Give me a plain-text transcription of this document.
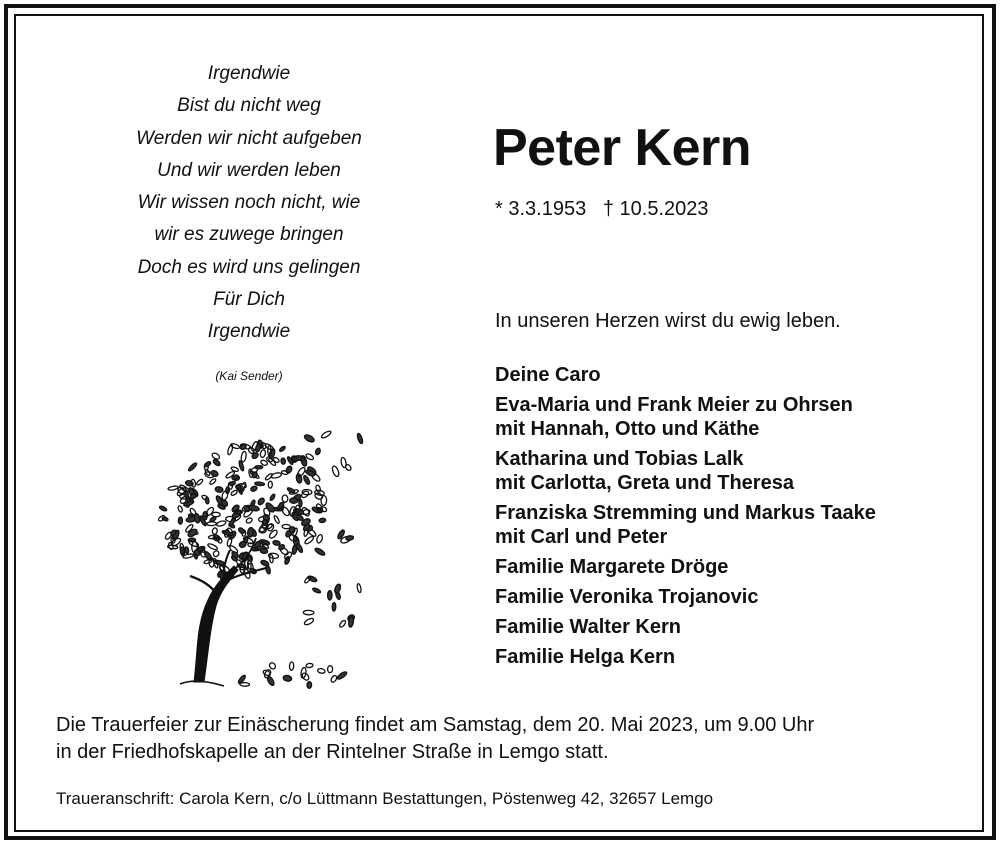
Irgendwie
Bist du nicht weg
Werden wir nicht aufgeben
Und wir werden leben
Wir wissen noch nicht, wie
wir es zuwege bringen
Doch es wird uns gelingen
Für Dich
Irgendwie
(Kai Sender)
Peter Kern
* 3.3.1953   † 10.5.2023
In unseren Herzen wirst du ewig leben.
Deine Caro
Eva-Maria und Frank Meier zu Ohrsen
mit Hannah, Otto und Käthe
Katharina und Tobias Lalk
mit Carlotta, Greta und Theresa
Franziska Stremming und Markus Taake
mit Carl und Peter
Familie Margarete Dröge
Familie Veronika Trojanovic
Familie Walter Kern
Familie Helga Kern
Die Trauerfeier zur Einäscherung findet am Samstag, dem 20. Mai 2023, um 9.00 Uhr
in der Friedhofskapelle an der Rintelner Straße in Lemgo statt.
Traueranschrift: Carola Kern, c/o Lüttmann Bestattungen, Pöstenweg 42, 32657 Lemgo
